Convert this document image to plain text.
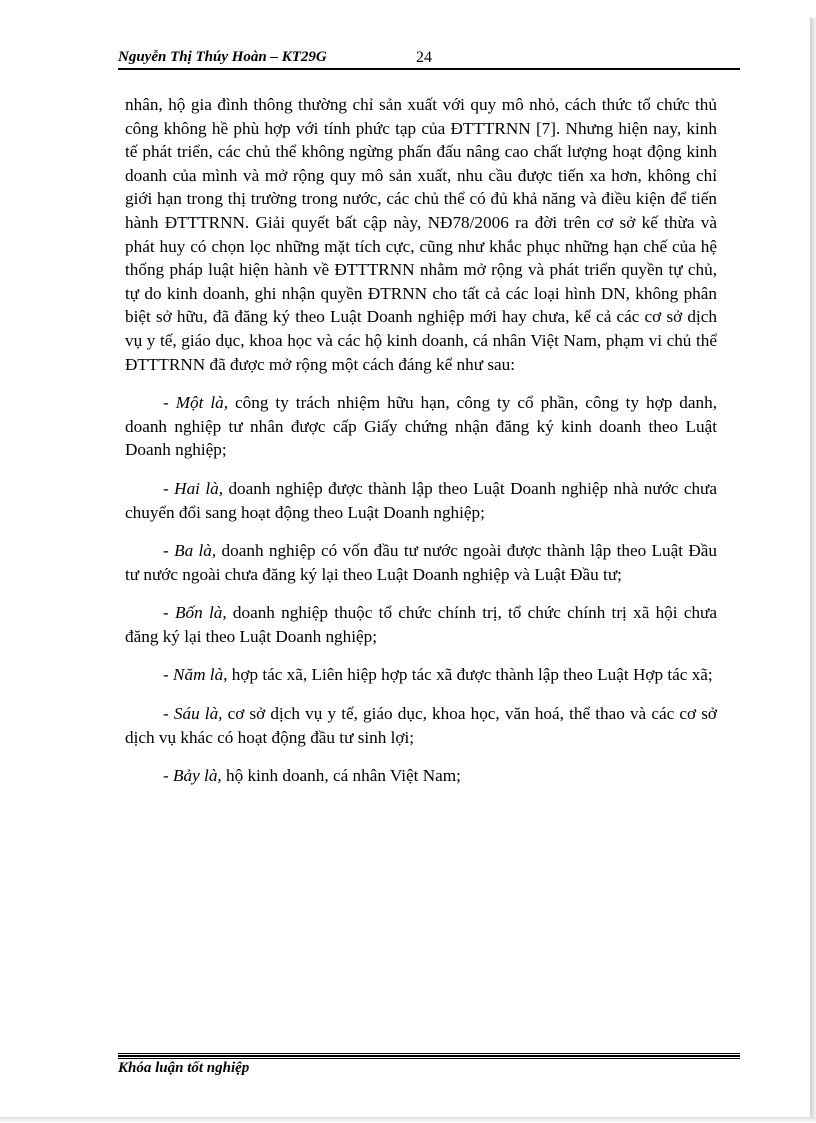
Nguyễn Thị Thúy Hoàn – KT29G	24

nhân, hộ gia đình thông thường chỉ sản xuất với quy mô nhỏ, cách thức tổ chức thủ công không hề phù hợp với tính phức tạp của ĐTTTRNN [7]. Nhưng hiện nay, kinh tế phát triển, các chủ thể không ngừng phấn đấu nâng cao chất lượng hoạt động kinh doanh của mình và mở rộng quy mô sản xuất, nhu cầu được tiến xa hơn, không chỉ giới hạn trong thị trường trong nước, các chủ thể có đủ khả năng và điều kiện để tiến hành ĐTTTRNN. Giải quyết bất cập này, NĐ78/2006 ra đời trên cơ sở kế thừa và phát huy có chọn lọc những mặt tích cực, cũng như khắc phục những hạn chế của hệ thống pháp luật hiện hành về ĐTTTRNN nhằm mở rộng và phát triển quyền tự chủ, tự do kinh doanh, ghi nhận quyền ĐTRNN cho tất cả các loại hình DN, không phân biệt sở hữu, đã đăng ký theo Luật Doanh nghiệp mới hay chưa, kể cả các cơ sở dịch vụ y tế, giáo dục, khoa học và các hộ kinh doanh, cá nhân Việt Nam, phạm vi chủ thể ĐTTTRNN đã được mở rộng một cách đáng kể như sau:

- Một là, công ty trách nhiệm hữu hạn, công ty cổ phần, công ty hợp danh, doanh nghiệp tư nhân được cấp Giấy chứng nhận đăng ký kinh doanh theo Luật Doanh nghiệp;

- Hai là, doanh nghiệp được thành lập theo Luật Doanh nghiệp nhà nước chưa chuyển đổi sang hoạt động theo Luật Doanh nghiệp;

- Ba là, doanh nghiệp có vốn đầu tư nước ngoài được thành lập theo Luật Đầu tư nước ngoài chưa đăng ký lại theo Luật Doanh nghiệp và Luật Đầu tư;

- Bốn là, doanh nghiệp thuộc tổ chức chính trị, tổ chức chính trị xã hội chưa đăng ký lại theo Luật Doanh nghiệp;

- Năm là, hợp tác xã, Liên hiệp hợp tác xã được thành lập theo Luật Hợp tác xã;

- Sáu là, cơ sở dịch vụ y tế, giáo dục, khoa học, văn hoá, thể thao và các cơ sở dịch vụ khác có hoạt động đầu tư sinh lợi;

- Bảy là, hộ kinh doanh, cá nhân Việt Nam;

Khóa luận tốt nghiệp
